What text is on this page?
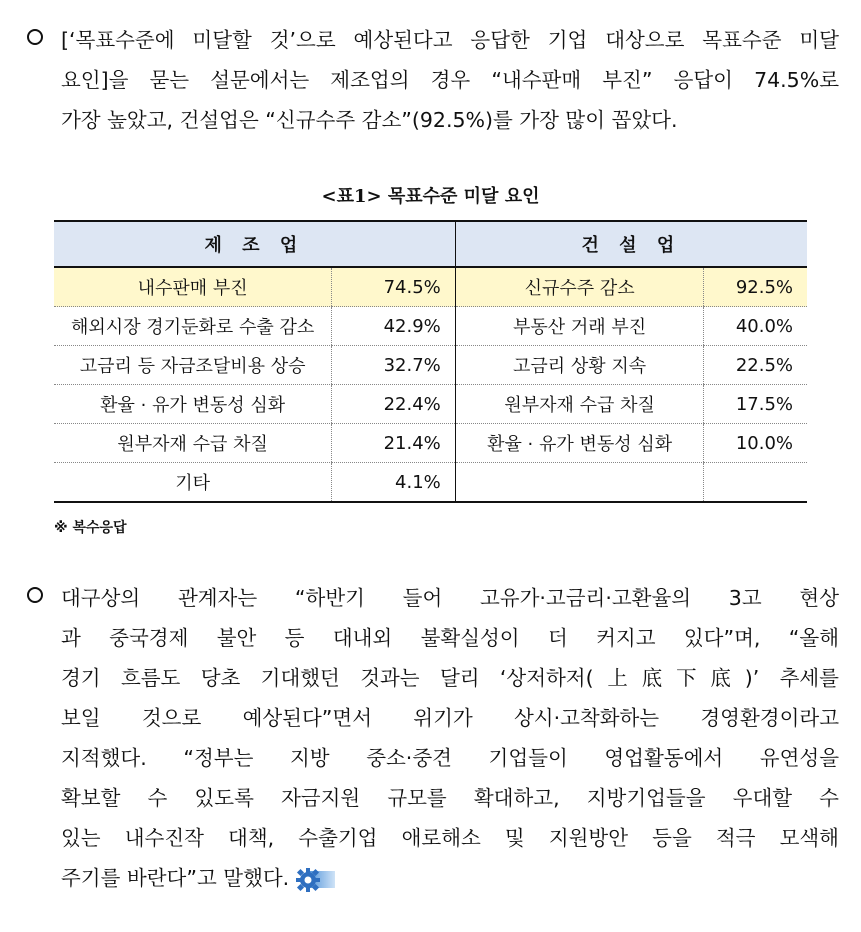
[‘목표수준에 미달할 것’으로 예상된다고 응답한 기업 대상으로 목표수준 미달
요인]을 묻는 설문에서는 제조업의 경우 “내수판매 부진” 응답이 74.5%로
가장 높았고, 건설업은 “신규수주 감소”(92.5%)를 가장 많이 꼽았다.
<표1> 목표수준 미달 요인
제 조 업		건 설 업	
내수판매 부진	74.5%	신규수주 감소	92.5%
해외시장 경기둔화로 수출 감소	42.9%	부동산 거래 부진	40.0%
고금리 등 자금조달비용 상승	32.7%	고금리 상황 지속	22.5%
환율 · 유가 변동성 심화	22.4%	원부자재 수급 차질	17.5%
원부자재 수급 차질	21.4%	환율 · 유가 변동성 심화	10.0%
기타	4.1%		
※ 복수응답
대구상의 관계자는 “하반기 들어 고유가·고금리·고환율의 3고 현상
과 중국경제 불안 등 대내외 불확실성이 더 커지고 있다”며, “올해
경기 흐름도 당초 기대했던 것과는 달리 ‘상저하저(上底下底)’ 추세를
보일 것으로 예상된다”면서 위기가 상시·고착화하는 경영환경이라고
지적했다. “정부는 지방 중소·중견 기업들이 영업활동에서 유연성을
확보할 수 있도록 자금지원 규모를 확대하고, 지방기업들을 우대할 수
있는 내수진작 대책, 수출기업 애로해소 및 지원방안 등을 적극 모색해
주기를 바란다”고 말했다.
